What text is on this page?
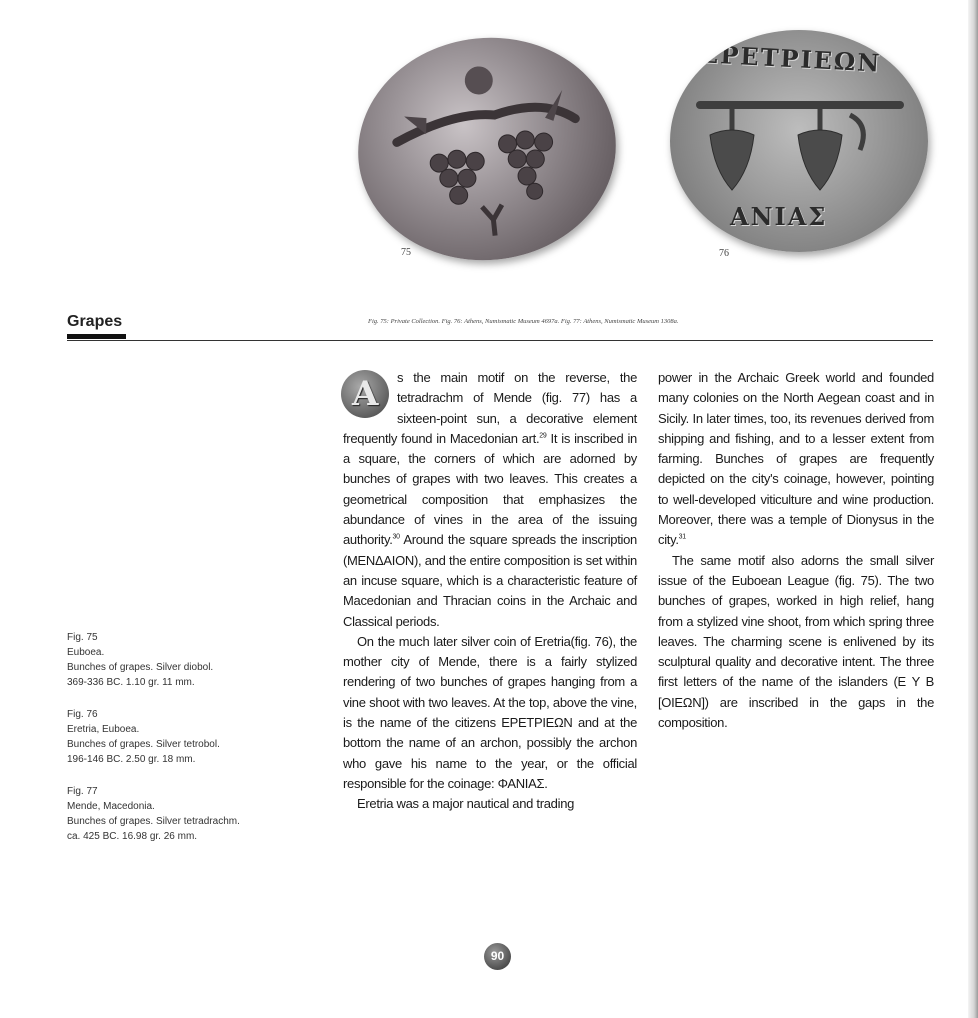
75
ΕΡΕΤΡΙΕΩΝ
ΑΝΙΑΣ
76
Grapes	Fig. 75: Private Collection. Fig. 76: Athens, Numismatic Museum 4697a. Fig. 77: Athens, Numismatic Museum 1308a.
Fig. 75
Euboea.
Bunches of grapes. Silver diobol.
369-336 BC. 1.10 gr. 11 mm.
Fig. 76
Eretria, Euboea.
Bunches of grapes. Silver tetrobol.
196-146 BC. 2.50 gr. 18 mm.
Fig. 77
Mende, Macedonia.
Bunches of grapes. Silver tetradrachm.
ca. 425 BC. 16.98 gr. 26 mm.

A	s the main motif on the reverse, the tetradrachm of Mende (fig. 77) has a sixteen-point sun, a decorative element frequently found in Macedonian art.$^{29}$ It is inscribed in a square, the corners of which are adorned by bunches of grapes with two leaves. This creates a geometrical composition that emphasizes the abundance of vines in the area of the issuing authority.$^{30}$ Around the square spreads the inscription (ΜΕΝΔΑΙΟΝ), and the entire composition is set within an incuse square, which is a characteristic feature of Macedonian and Thracian coins in the Archaic and Classical periods.

On the much later silver coin of Eretria(fig. 76), the mother city of Mende, there is a fairly stylized rendering of two bunches of grapes hanging from a vine shoot with two leaves. At the top, above the vine, is the name of the citizens ΕΡΕΤΡΙΕΩΝ and at the bottom the name of an archon, possibly the archon who gave his name to the year, or the official responsible for the coinage: ΦΑΝΙΑΣ.

Eretria was a major nautical and trading

power in the Archaic Greek world and founded many colonies on the North Aegean coast and in Sicily. In later times, too, its revenues derived from shipping and fishing, and to a lesser extent from farming. Bunches of grapes are frequently depicted on the city's coinage, however, pointing to well-developed viticulture and wine production. Moreover, there was a temple of Dionysus in the city.$^{31}$

The same motif also adorns the small silver issue of the Euboean League (fig. 75). The two bunches of grapes, worked in high relief, hang from a stylized vine shoot, from which spring three leaves. The charming scene is enlivened by its sculptural quality and decorative intent. The three first letters of the name of the islanders (Ε Υ Β [ΟΙΕΩΝ]) are inscribed in the gaps in the composition.

90
